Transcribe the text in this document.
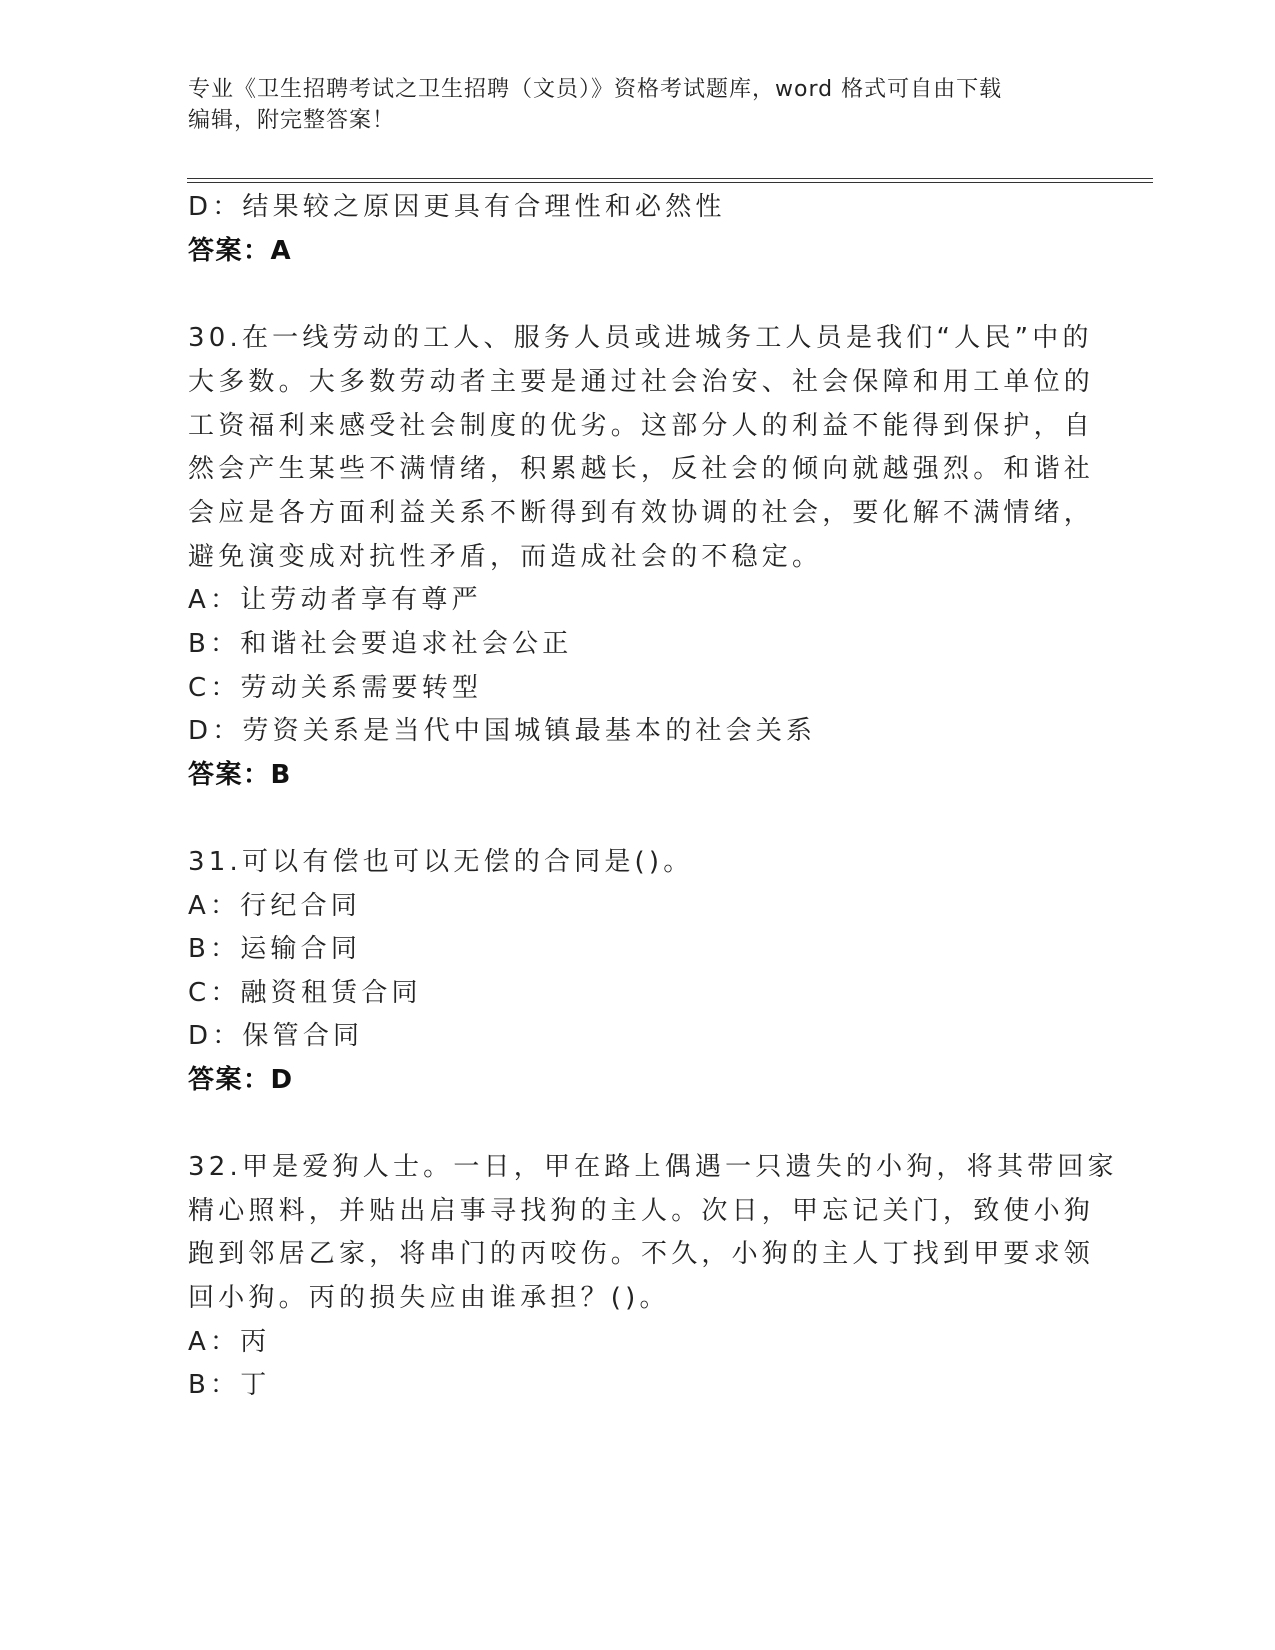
专业《卫生招聘考试之卫生招聘（文员）》资格考试题库，word 格式可自由下载
编辑，附完整答案！
D：结果较之原因更具有合理性和必然性
答案：A
30.在一线劳动的工人、服务人员或进城务工人员是我们“人民”中的
大多数。大多数劳动者主要是通过社会治安、社会保障和用工单位的
工资福利来感受社会制度的优劣。这部分人的利益不能得到保护，自
然会产生某些不满情绪，积累越长，反社会的倾向就越强烈。和谐社
会应是各方面利益关系不断得到有效协调的社会，要化解不满情绪，
避免演变成对抗性矛盾，而造成社会的不稳定。
A：让劳动者享有尊严
B：和谐社会要追求社会公正
C：劳动关系需要转型
D：劳资关系是当代中国城镇最基本的社会关系
答案：B
31.可以有偿也可以无偿的合同是()。
A：行纪合同
B：运输合同
C：融资租赁合同
D：保管合同
答案：D
32.甲是爱狗人士。一日，甲在路上偶遇一只遗失的小狗，将其带回家
精心照料，并贴出启事寻找狗的主人。次日，甲忘记关门，致使小狗
跑到邻居乙家，将串门的丙咬伤。不久，小狗的主人丁找到甲要求领
回小狗。丙的损失应由谁承担？()。
A：丙
B：丁
